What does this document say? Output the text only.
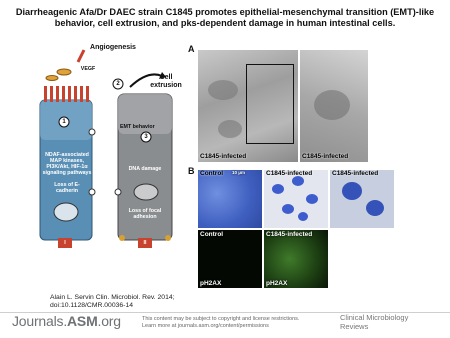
Diarrheagenic Afa/Dr DAEC strain C1845 promotes epithelial-mesenchymal transition (EMT)-like behavior, cell extrusion, and pks-dependent damage in human intestinal cells.
Angiogenesis
VEGF
1
2
3
Cell extrusion
EMT behavior
NDAF-associated MAP kinases, PI3K/Akt, HIF-1α signaling pathways
Loss of E-cadherin
DNA damage
Loss of focal adhesion
I	II
A
C1845-infected	C1845-infected
B Control 10 μm	C1845-infected	C1845-infected
Control
pH2AX
C1845-infected
pH2AX
Alain L. Servin Clin. Microbiol. Rev. 2014;
doi:10.1128/CMR.00036-14
Journals.ASM.org	This content may be subject to copyright and license restrictions.
Learn more at journals.asm.org/content/permissions
Clinical Microbiology
Reviews
